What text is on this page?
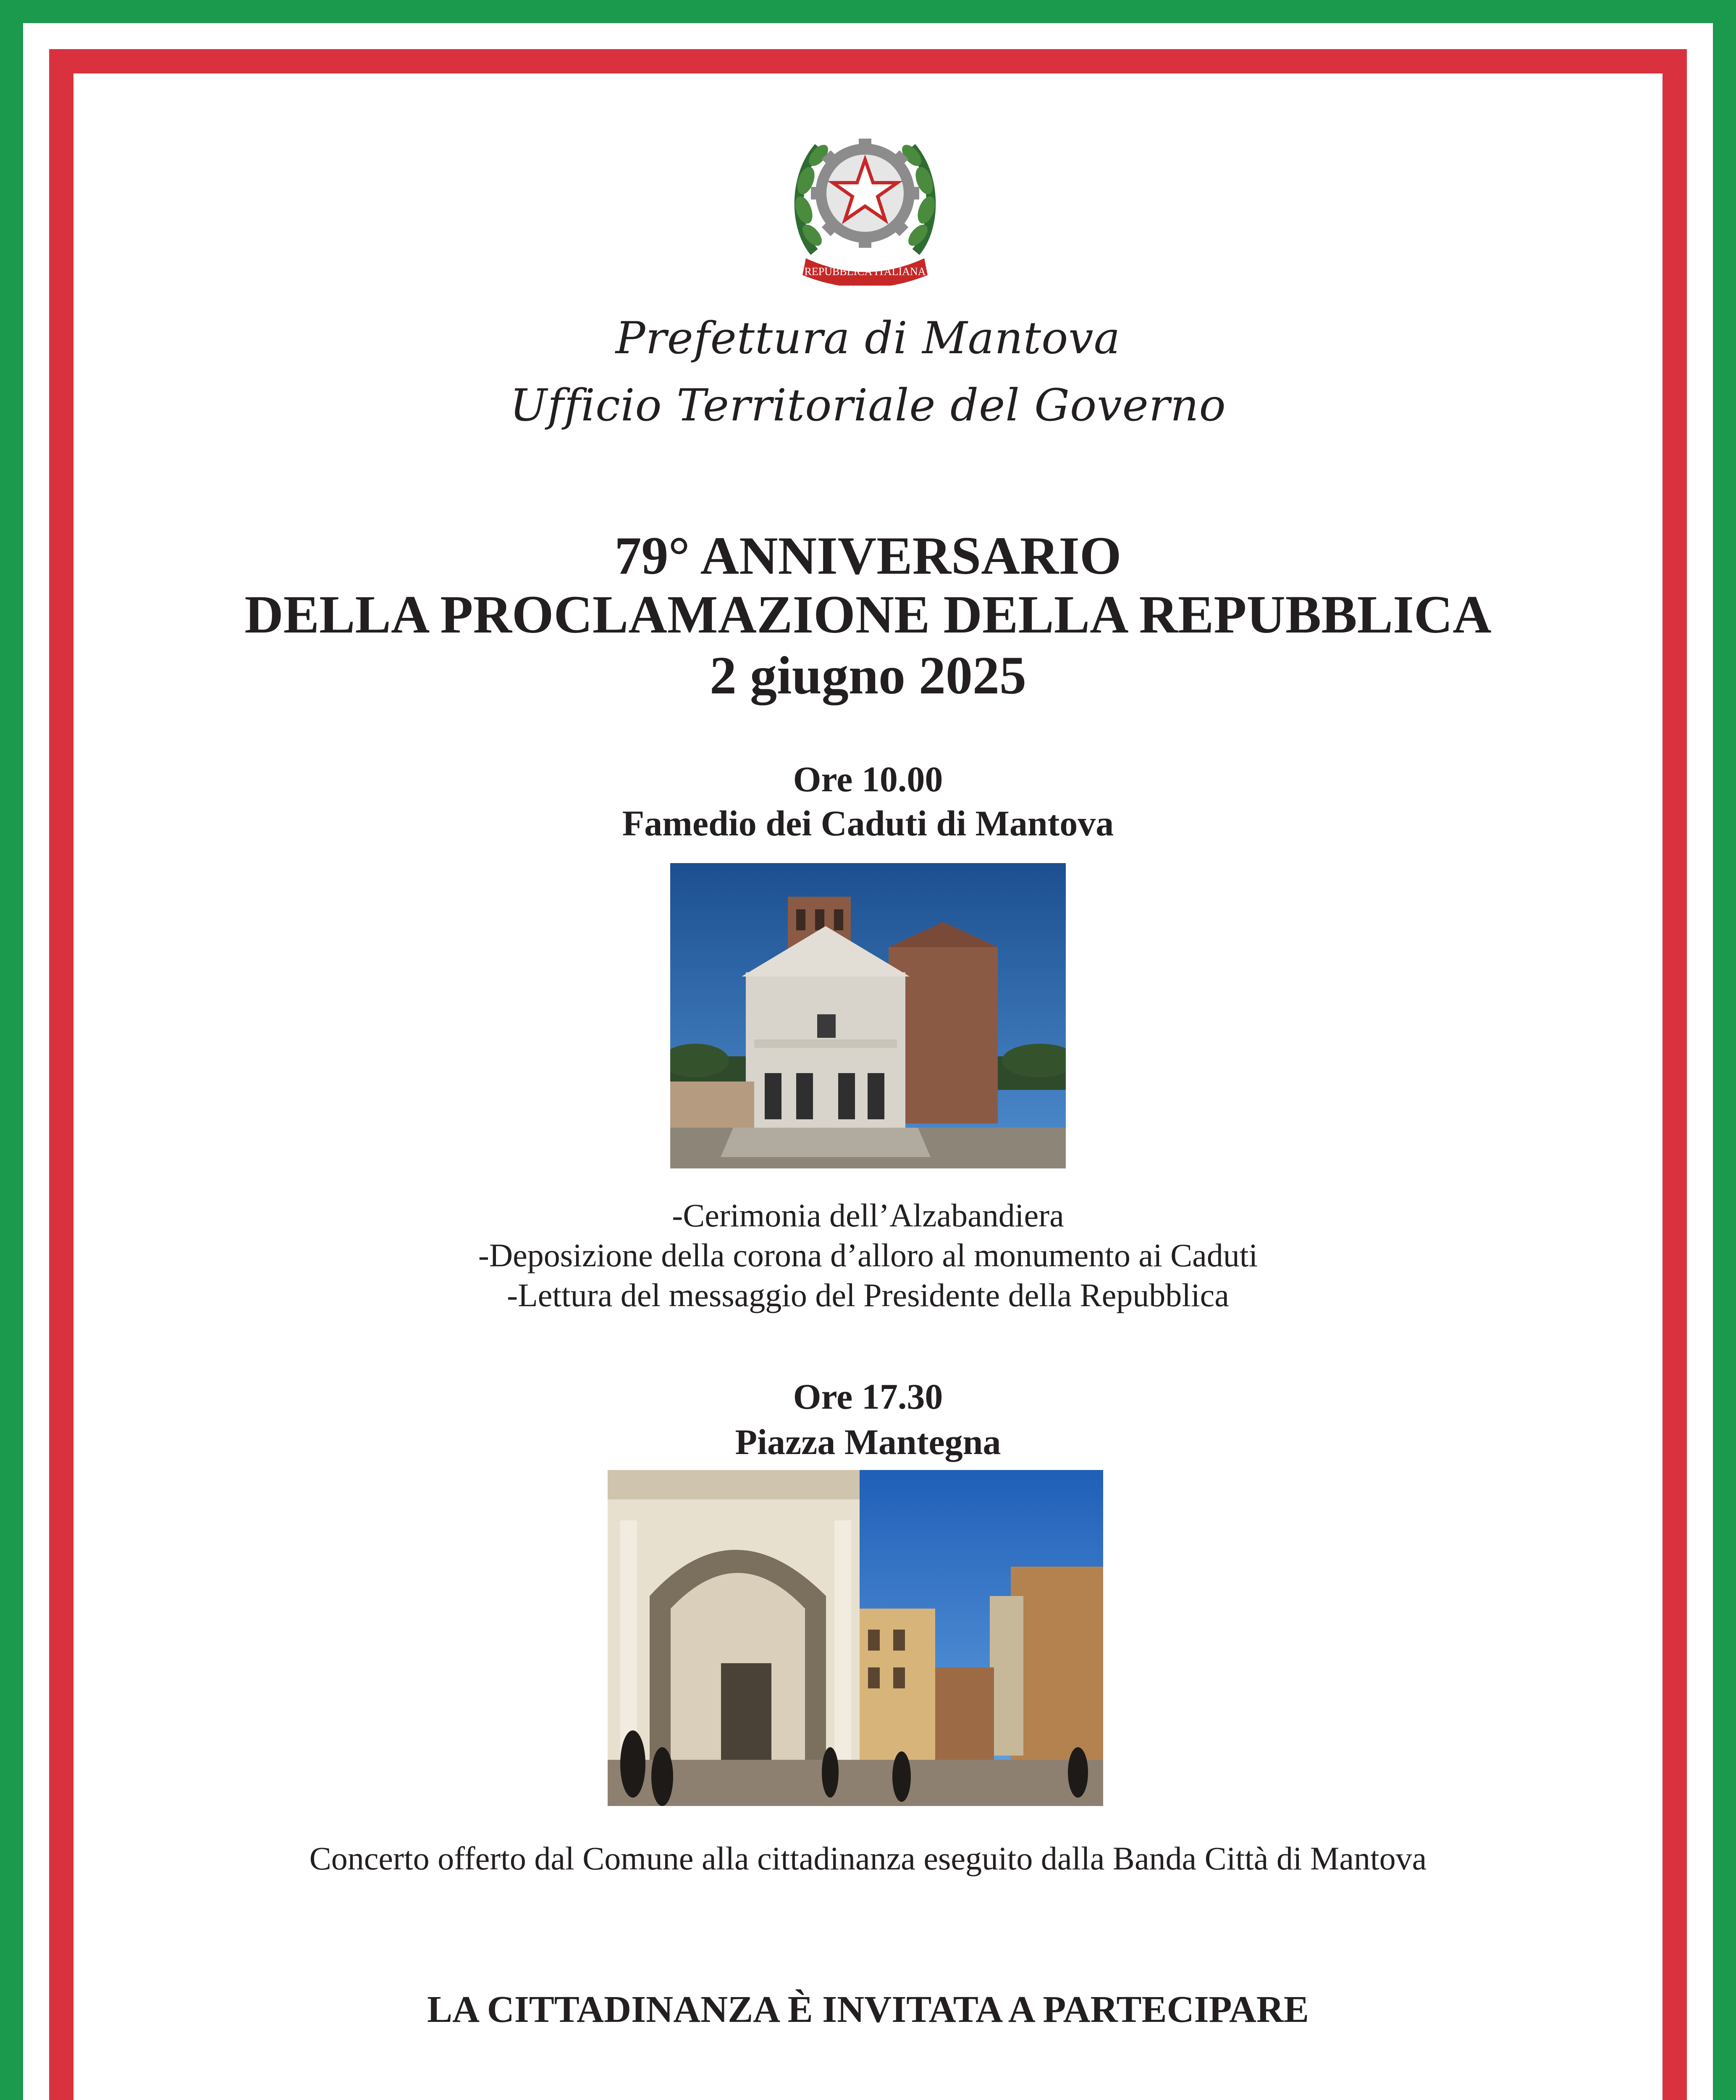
REPUBBLICA ITALIANA
Prefettura di Mantova
Ufficio Territoriale del Governo
79° ANNIVERSARIO
DELLA PROCLAMAZIONE DELLA REPUBBLICA
2 giugno 2025
Ore 10.00
Famedio dei Caduti di Mantova
-Cerimonia dell’Alzabandiera
-Deposizione della corona d’alloro al monumento ai Caduti
-Lettura del messaggio del Presidente della Repubblica
Ore 17.30
Piazza Mantegna
Concerto offerto dal Comune alla cittadinanza eseguito dalla Banda Città di Mantova
LA CITTADINANZA È INVITATA A PARTECIPARE
